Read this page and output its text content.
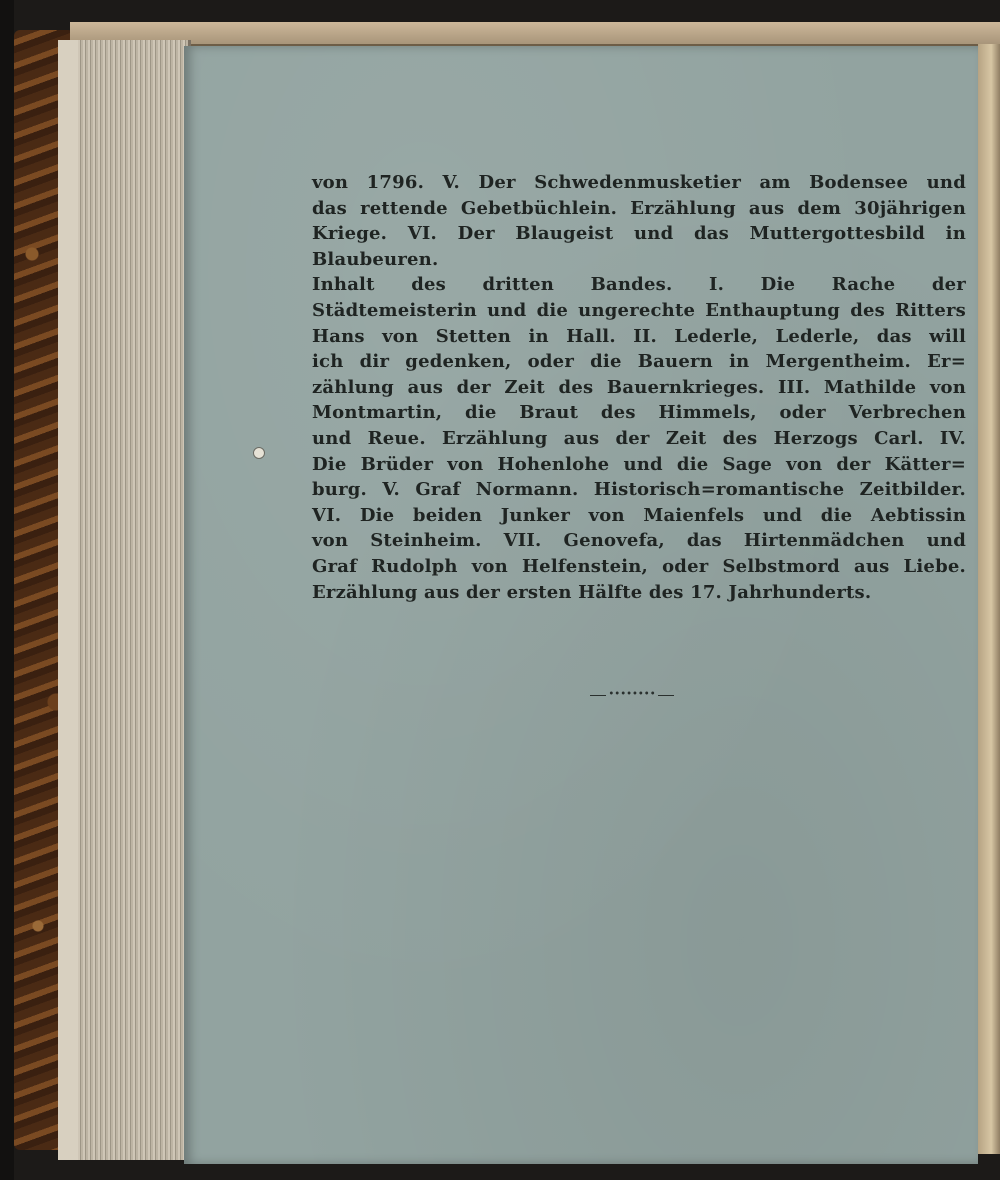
von 1796. V. Der Schwedenmusketier am Bodensee und
das rettende Gebetbüchlein. Erzählung aus dem 30jährigen
Kriege. VI. Der Blaugeist und das Muttergottesbild in
Blaubeuren.
Inhalt des dritten Bandes. I. Die Rache der
Städtemeisterin und die ungerechte Enthauptung des Ritters
Hans von Stetten in Hall. II. Lederle, Lederle, das will
ich dir gedenken, oder die Bauern in Mergentheim. Er=
zählung aus der Zeit des Bauernkrieges. III. Mathilde von
Montmartin, die Braut des Himmels, oder Verbrechen
und Reue. Erzählung aus der Zeit des Herzogs Carl. IV.
Die Brüder von Hohenlohe und die Sage von der Kätter=
burg. V. Graf Normann. Historisch=romantische Zeitbilder.
VI. Die beiden Junker von Maienfels und die Aebtissin
von Steinheim. VII. Genovefa, das Hirtenmädchen und
Graf Rudolph von Helfenstein, oder Selbstmord aus Liebe.
Erzählung aus der ersten Hälfte des 17. Jahrhunderts.
••••••••
